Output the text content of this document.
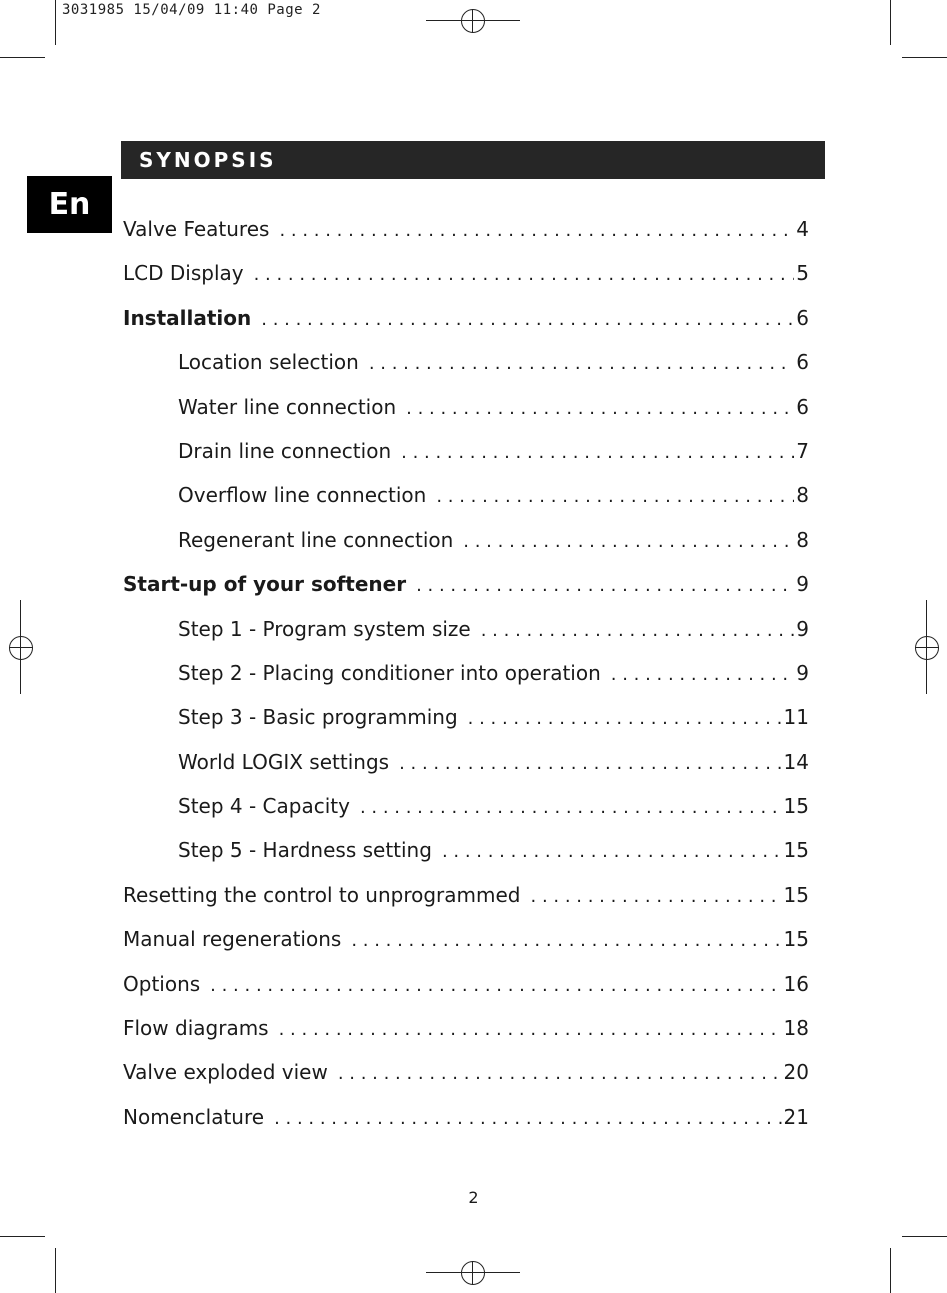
3031985 15/04/09 11:40 Page 2
SYNOPSIS
En
Valve Features . . .	4
LCD Display . . .	5
Installation . . .	6
Location selection . . .	6
Water line connection . . .	6
Drain line connection . . .	7
Overflow line connection . . .	8
Regenerant line connection . . .	8
Start-up of your softener . . .	9
Step 1 - Program system size . . .	9
Step 2 - Placing conditioner into operation . . .	9
Step 3 - Basic programming . . .	11
World LOGIX settings . . .	14
Step 4 - Capacity . . .	15
Step 5 - Hardness setting . . .	15
Resetting the control to unprogrammed . . .	15
Manual regenerations . . .	15
Options . . .	16
Flow diagrams . . .	18
Valve exploded view . . .	20
Nomenclature . . .	21
2
